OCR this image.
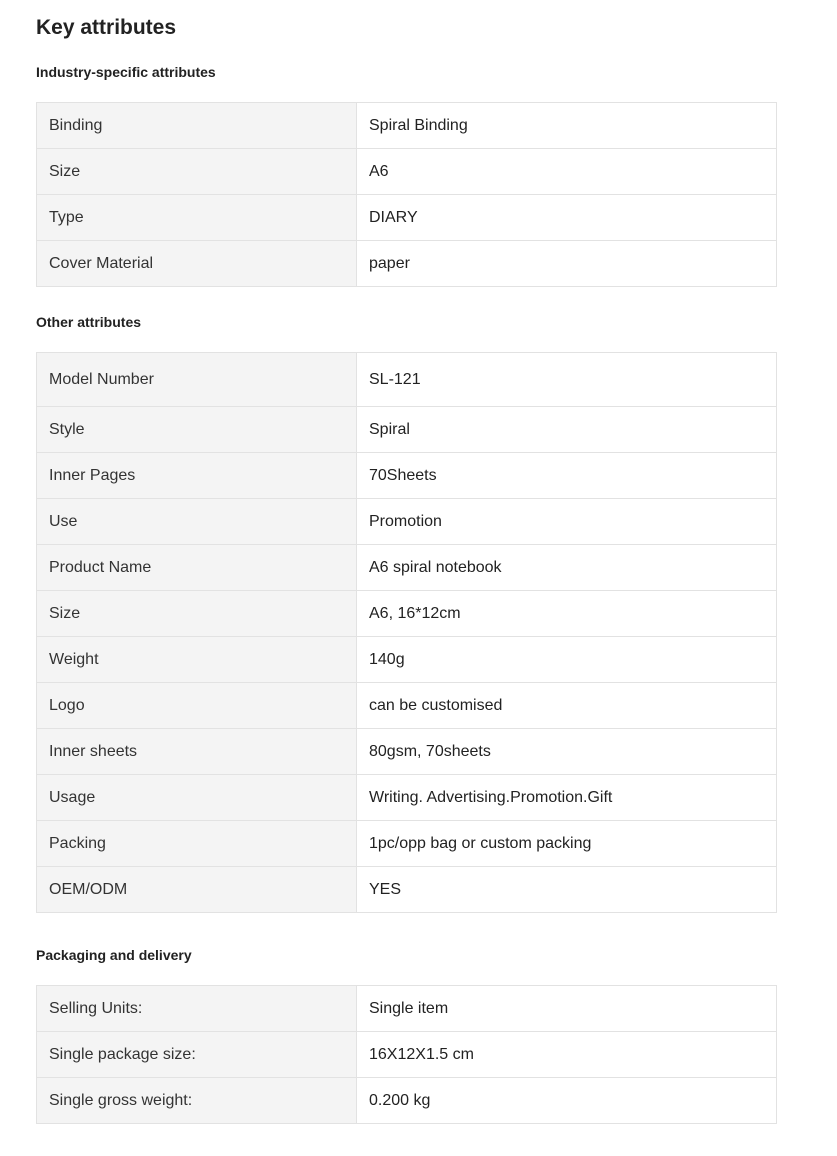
Key attributes
Industry-specific attributes
Binding	Spiral Binding
Size	A6
Type	DIARY
Cover Material	paper
Other attributes
Model Number	SL-121
Style	Spiral
Inner Pages	70Sheets
Use	Promotion
Product Name	A6 spiral notebook
Size	A6, 16*12cm
Weight	140g
Logo	can be customised
Inner sheets	80gsm, 70sheets
Usage	Writing. Advertising.Promotion.Gift
Packing	1pc/opp bag or custom packing
OEM/ODM	YES
Packaging and delivery
Selling Units:	Single item
Single package size:	16X12X1.5 cm
Single gross weight:	0.200 kg
